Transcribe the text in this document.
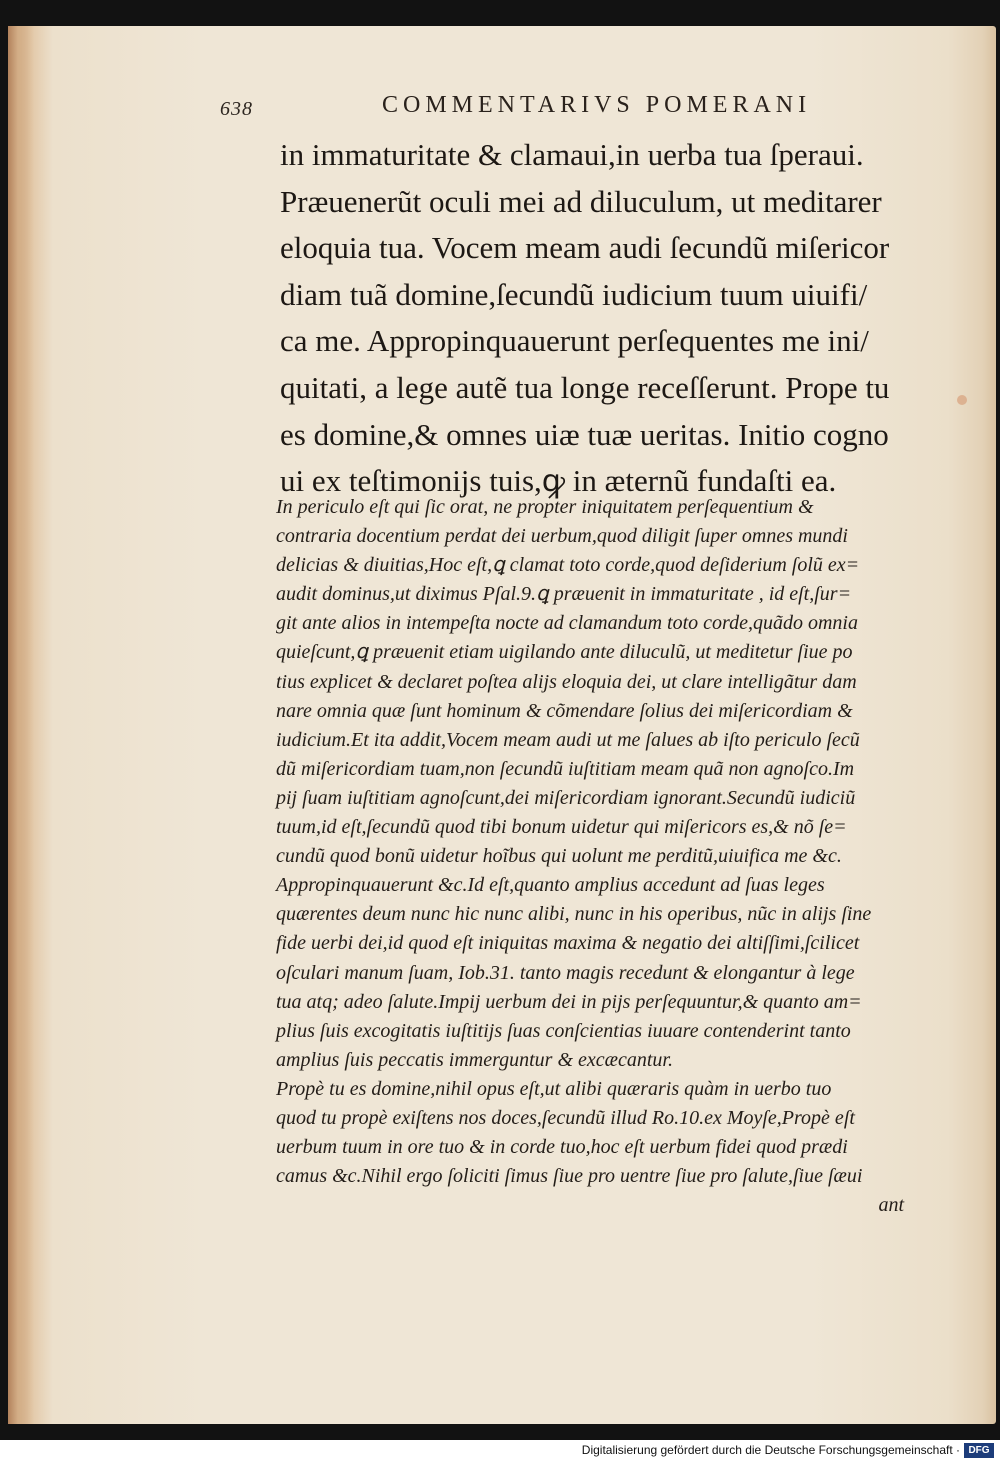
638	COMMENTARIVS POMERANI
in immaturitate & clamaui,in uerba tua ſperaui.
Præuenerũt oculi mei ad diluculum, ut meditarer
eloquia tua. Vocem meam audi ſecundũ miſericor
diam tuã domine,ſecundũ iudicium tuum uiuifi/
ca me. Appropinquauerunt perſequentes me ini/
quitati, a lege autẽ tua longe receſſerunt. Prope tu
es domine,& omnes uiæ tuæ ueritas. Initio cogno
ui ex teſtimonijs tuis,ꝙ in æternũ fundaſti ea.
In periculo eſt qui ſic orat, ne propter iniquitatem perſequentium &
contraria docentium perdat dei uerbum,quod diligit ſuper omnes mundi
delicias & diuitias,Hoc eſt,ꝗ clamat toto corde,quod deſiderium ſolũ ex=
audit dominus,ut diximus Pſal.9.ꝗ præuenit in immaturitate , id eſt,ſur=
git ante alios in intempeſta nocte ad clamandum toto corde,quãdo omnia
quieſcunt,ꝗ præuenit etiam uigilando ante diluculũ, ut meditetur ſiue po
tius explicet & declaret poſtea alijs eloquia dei, ut clare intelligãtur dam
nare omnia quæ ſunt hominum & cõmendare ſolius dei miſericordiam &
iudicium.Et ita addit,Vocem meam audi ut me ſalues ab iſto periculo ſecũ
dũ miſericordiam tuam,non ſecundũ iuſtitiam meam quã non agnoſco.Im
pij ſuam iuſtitiam agnoſcunt,dei miſericordiam ignorant.Secundũ iudiciũ
tuum,id eſt,ſecundũ quod tibi bonum uidetur qui miſericors es,& nõ ſe=
cundũ quod bonũ uidetur hoĩbus qui uolunt me perditũ,uiuifica me &c.
Appropinquauerunt &c.Id eſt,quanto amplius accedunt ad ſuas leges
quærentes deum nunc hic nunc alibi, nunc in his operibus, nũc in alijs ſine
fide uerbi dei,id quod eſt iniquitas maxima & negatio dei altiſſimi,ſcilicet
oſculari manum ſuam, Iob.31. tanto magis recedunt & elongantur à lege
tua atq; adeo ſalute.Impij uerbum dei in pijs perſequuntur,& quanto am=
plius ſuis excogitatis iuſtitijs ſuas conſcientias iuuare contenderint tanto
amplius ſuis peccatis immerguntur & excæcantur.
Propè tu es domine,nihil opus eſt,ut alibi quæraris quàm in uerbo tuo
quod tu propè exiſtens nos doces,ſecundũ illud Ro.10.ex Moyſe,Propè eſt
uerbum tuum in ore tuo & in corde tuo,hoc eſt uerbum fidei quod prædi
camus &c.Nihil ergo ſoliciti ſimus ſiue pro uentre ſiue pro ſalute,ſiue ſæui
ant
Digitalisierung gefördert durch die Deutsche Forschungsgemeinschaft · DFG
